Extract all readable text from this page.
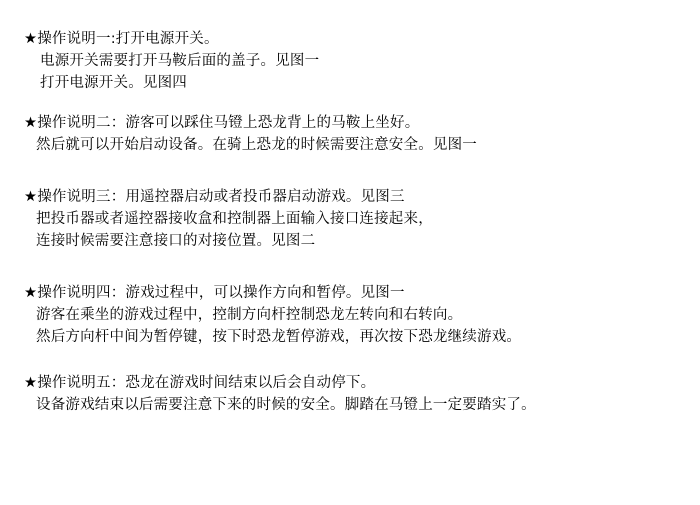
★操作说明一:打开电源开关。
电源开关需要打开马鞍后面的盖子。见图一
打开电源开关。见图四
★操作说明二：游客可以踩住马镫上恐龙背上的马鞍上坐好。
然后就可以开始启动设备。在骑上恐龙的时候需要注意安全。见图一
★操作说明三：用遥控器启动或者投币器启动游戏。见图三
把投币器或者遥控器接收盒和控制器上面输入接口连接起来，
连接时候需要注意接口的对接位置。见图二
★操作说明四：游戏过程中，可以操作方向和暂停。见图一
游客在乘坐的游戏过程中，控制方向杆控制恐龙左转向和右转向。
然后方向杆中间为暂停键，按下时恐龙暂停游戏，再次按下恐龙继续游戏。
★操作说明五：恐龙在游戏时间结束以后会自动停下。
设备游戏结束以后需要注意下来的时候的安全。脚踏在马镫上一定要踏实了。
